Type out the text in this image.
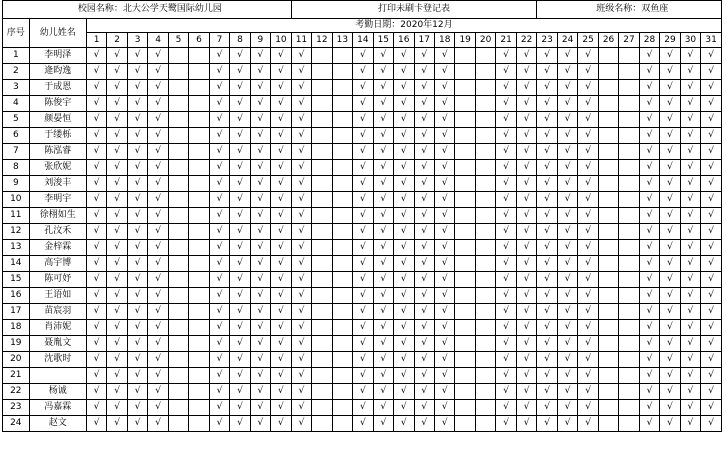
校园名称：北大公学天鹭国际幼儿园												打印未刷卡登记表												班级名称：双鱼座								
序号	幼儿姓名	考勤日期：2020年12月																														
		1	2	3	4	5	6	7	8	9	10	11	12	13	14	15	16	17	18	19	20	21	22	23	24	25	26	27	28	29	30	31
1	李明泽	√	√	√	√			√	√	√	√	√			√	√	√	√	√			√	√	√	√	√			√	√	√	√
2	逄昀逸	√	√	√	√			√	√	√	√	√			√	√	√	√	√			√	√	√	√	√			√	√	√	√
3	于成恩	√	√	√	√			√	√	√	√	√			√	√	√	√	√			√	√	√	√	√			√	√	√	√
4	陈俊宇	√	√	√	√			√	√	√	√	√			√	√	√	√	√			√	√	√	√	√			√	√	√	√
5	颜晏恒	√	√	√	√			√	√	√	√	√			√	√	√	√	√			√	√	√	√	√			√	√	√	√
6	于缕栎	√	√	√	√			√	√	√	√	√			√	√	√	√	√			√	√	√	√	√			√	√	√	√
7	陈泓睿	√	√	√	√			√	√	√	√	√			√	√	√	√	√			√	√	√	√	√			√	√	√	√
8	张欣妮	√	√	√	√			√	√	√	√	√			√	√	√	√	√			√	√	√	√	√			√	√	√	√
9	刘浚丰	√	√	√	√			√	√	√	√	√			√	√	√	√	√			√	√	√	√	√			√	√	√	√
10	李明宇	√	√	√	√			√	√	√	√	√			√	√	√	√	√			√	√	√	√	√			√	√	√	√
11	徐栩如生	√	√	√	√			√	√	√	√	√			√	√	√	√	√			√	√	√	√	√			√	√	√	√
12	孔汶禾	√	√	√	√			√	√	√	√	√			√	√	√	√	√			√	√	√	√	√			√	√	√	√
13	金梓霖	√	√	√	√			√	√	√	√	√			√	√	√	√	√			√	√	√	√	√			√	√	√	√
14	高宇博	√	√	√	√			√	√	√	√	√			√	√	√	√	√			√	√	√	√	√			√	√	√	√
15	陈可妤	√	√	√	√			√	√	√	√	√			√	√	√	√	√			√	√	√	√	√			√	√	√	√
16	王语如	√	√	√	√			√	√	√	√	√			√	√	√	√	√			√	√	√	√	√			√	√	√	√
17	苗宸羽	√	√	√	√			√	√	√	√	√			√	√	√	√	√			√	√	√	√	√			√	√	√	√
18	肖沛妮	√	√	√	√			√	√	√	√	√			√	√	√	√	√			√	√	√	√	√			√	√	√	√
19	聂胤文	√	√	√	√			√	√	√	√	√			√	√	√	√	√			√	√	√	√	√			√	√	√	√
20	沈歌时	√	√	√	√			√	√	√	√	√			√	√	√	√	√			√	√	√	√	√			√	√	√	√
21		√	√	√	√			√	√	√	√	√			√	√	√	√	√			√	√	√	√	√			√	√	√	√
22	杨诚	√	√	√	√			√	√	√	√	√			√	√	√	√	√			√	√	√	√	√			√	√	√	√
23	冯嘉霖	√	√	√	√			√	√	√	√	√			√	√	√	√	√			√	√	√	√	√			√	√	√	√
24	赵文	√	√	√	√			√	√	√	√	√			√	√	√	√	√			√	√	√	√	√			√	√	√	√
